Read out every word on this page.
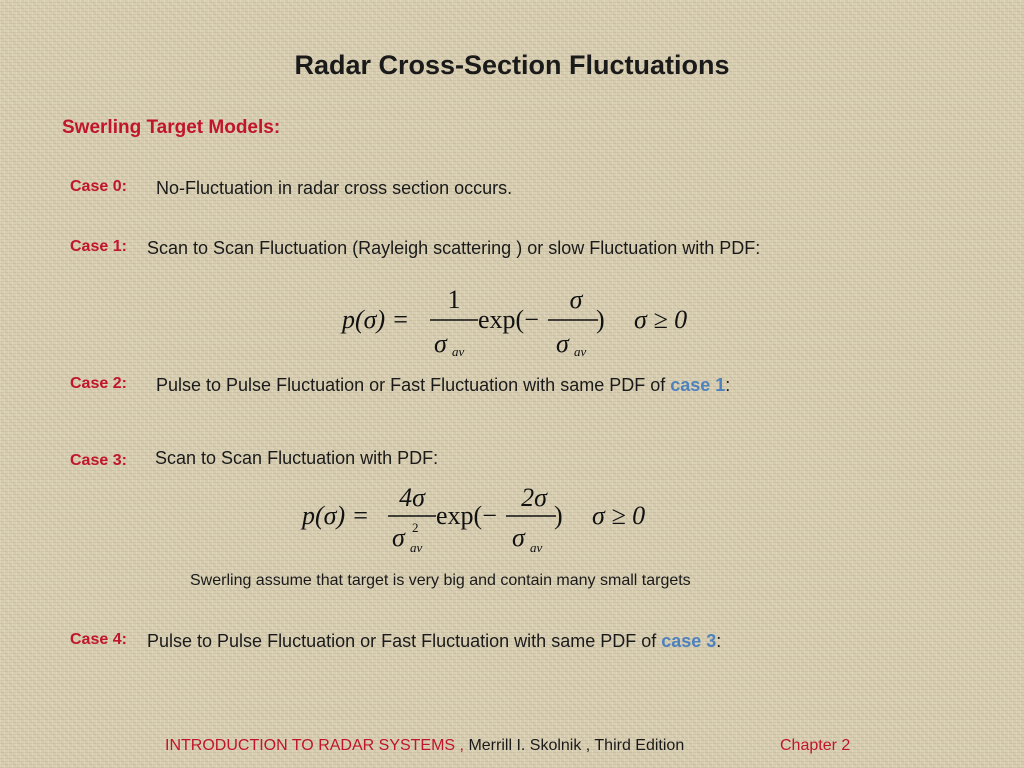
Radar Cross-Section Fluctuations
Swerling Target Models:
Case 0: No-Fluctuation in radar cross section occurs.
Case 1: Scan to Scan Fluctuation (Rayleigh scattering ) or slow Fluctuation with PDF:
p(σ) =
1
σ av
exp(−
σ
σ av
) σ ≥ 0
Case 2: Pulse to Pulse Fluctuation or Fast Fluctuation with same PDF of case 1:
Case 3: Scan to Scan Fluctuation with PDF:
p(σ) =
4σ
σ 2
av
exp(−
2σ
σ av
) σ ≥ 0
Swerling assume that target is very big and contain many small targets
Case 4: Pulse to Pulse Fluctuation or Fast Fluctuation with same PDF of case 3:
INTRODUCTION TO RADAR SYSTEMS , Merrill I. Skolnik , Third Edition	Chapter 2
